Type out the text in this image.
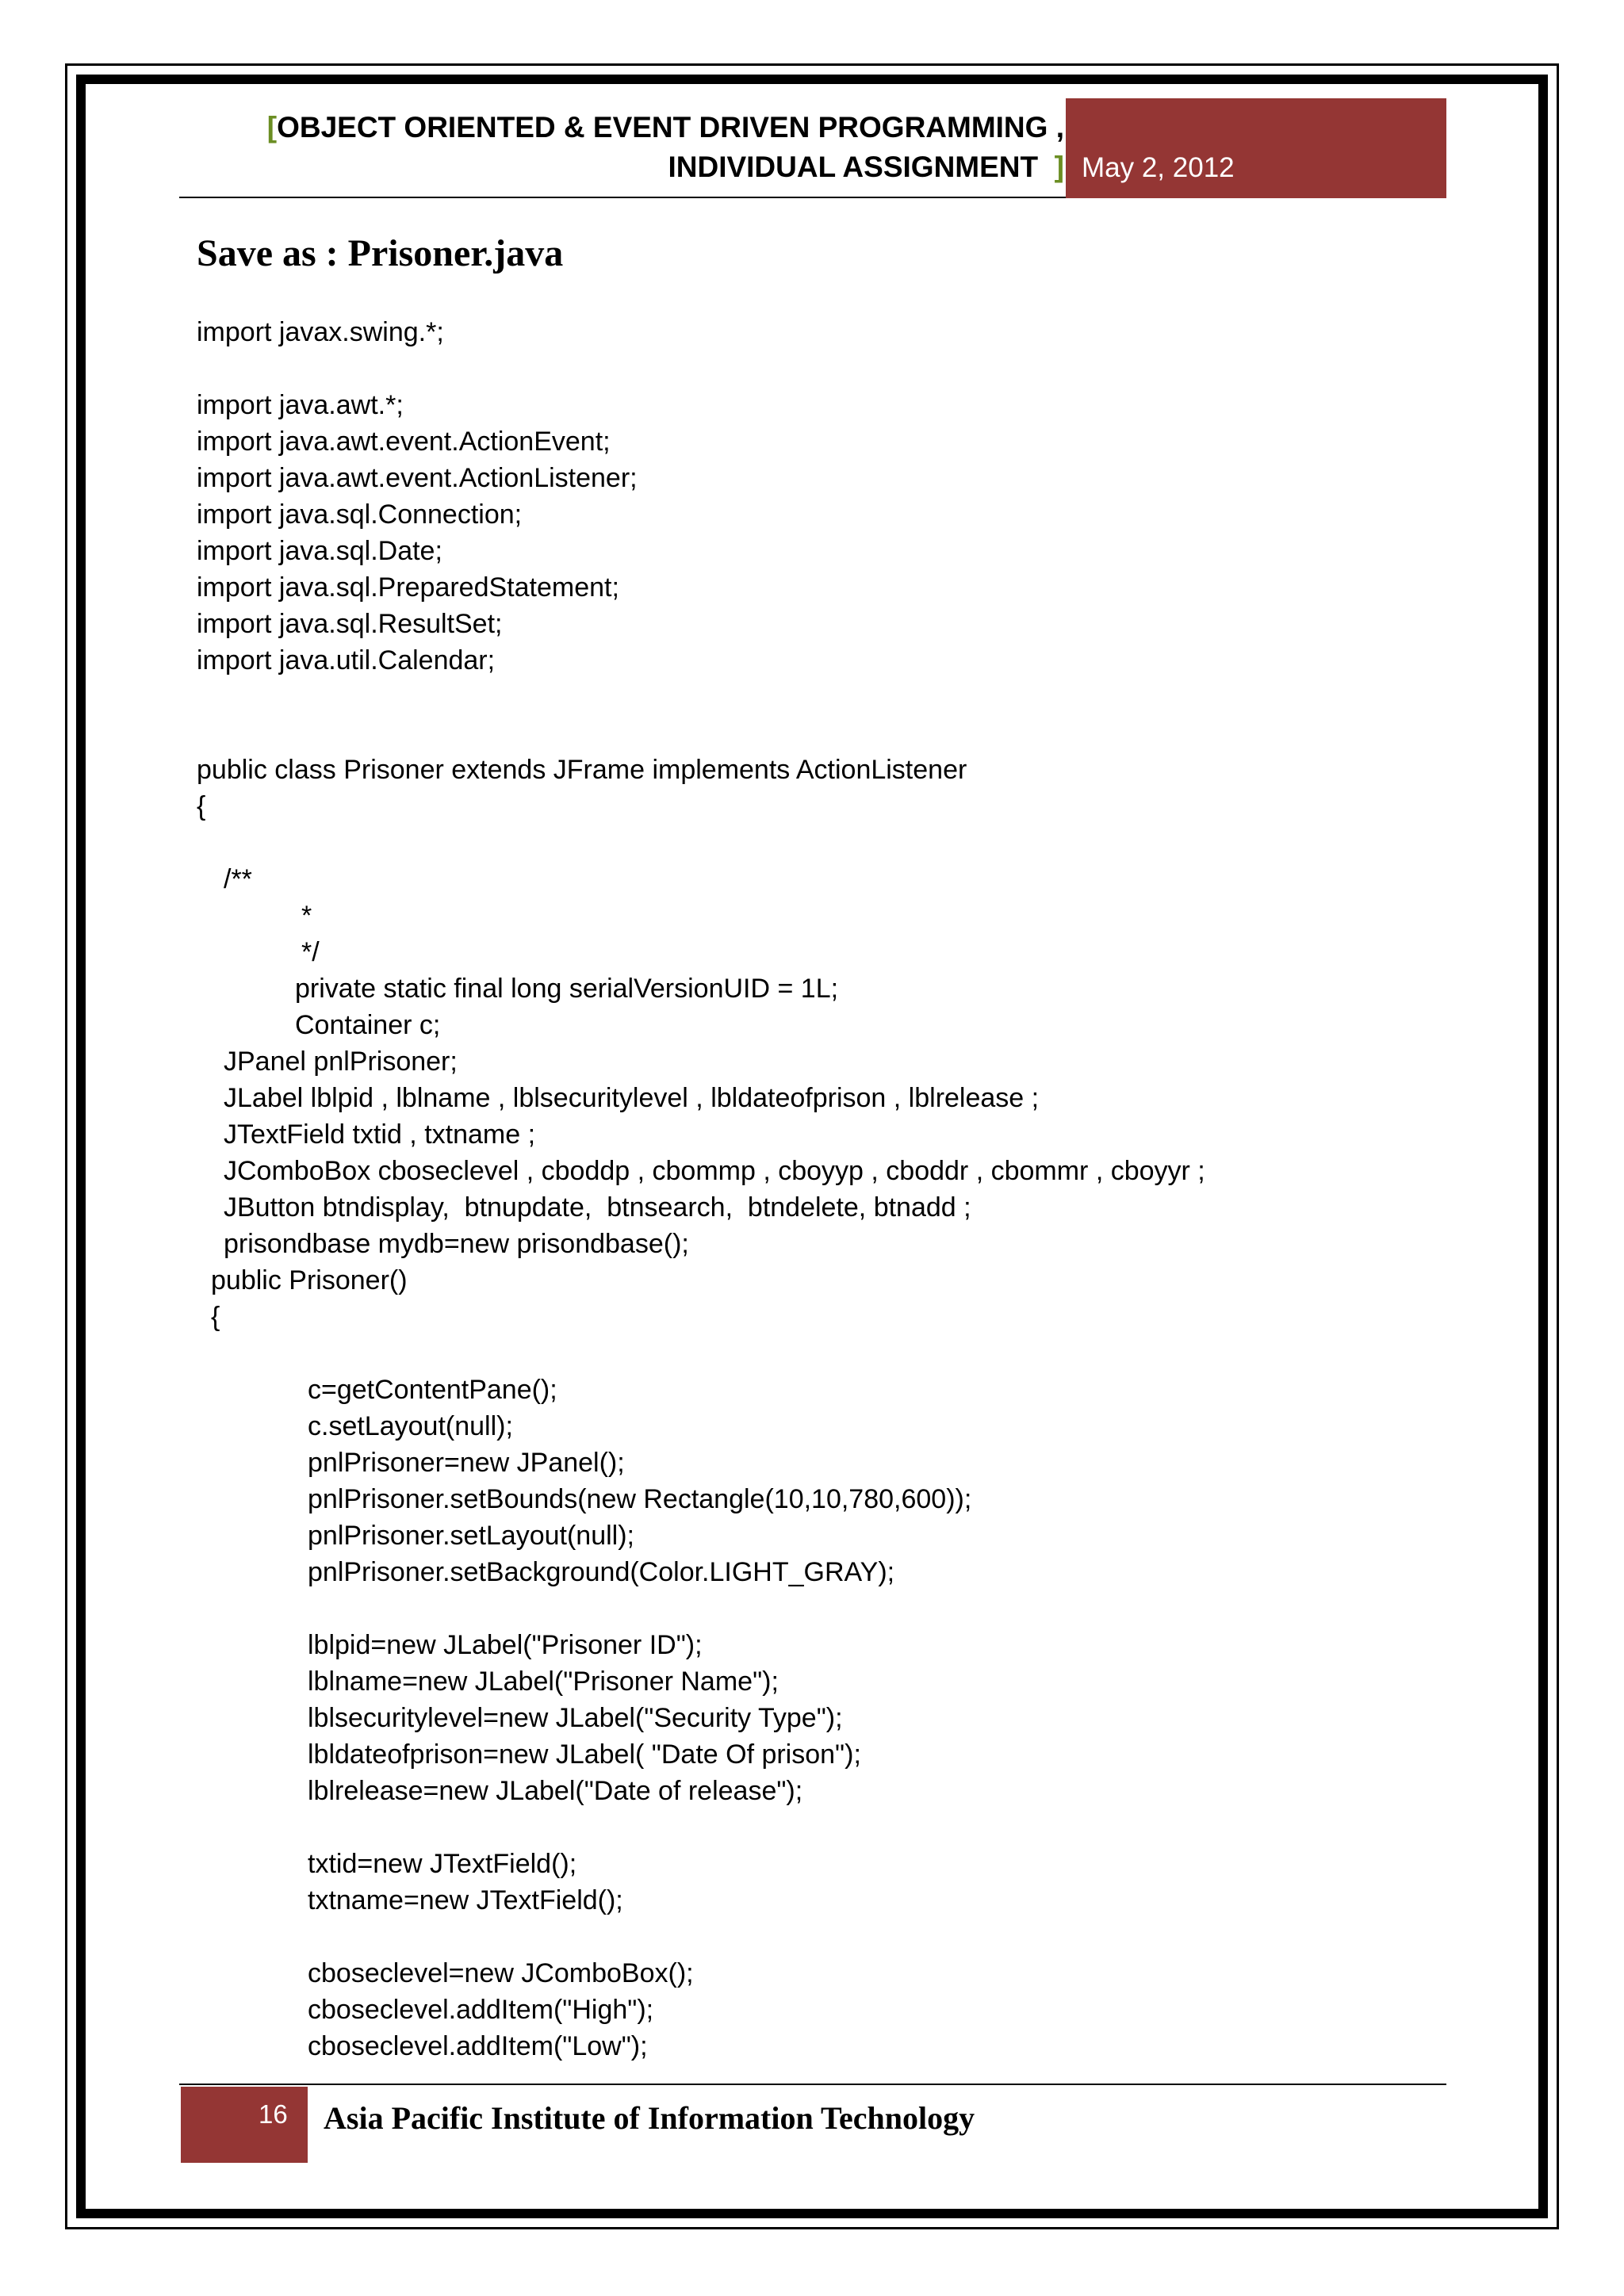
[OBJECT ORIENTED & EVENT DRIVEN PROGRAMMING ,
INDIVIDUAL ASSIGNMENT ] May 2, 2012
Save as : Prisoner.java
import javax.swing.*;
import java.awt.*;
import java.awt.event.ActionEvent;
import java.awt.event.ActionListener;
import java.sql.Connection;
import java.sql.Date;
import java.sql.PreparedStatement;
import java.sql.ResultSet;
import java.util.Calendar;
public class Prisoner extends JFrame implements ActionListener
{
/**
*
*/
private static final long serialVersionUID = 1L;
Container c;
JPanel pnlPrisoner;
JLabel lblpid , lblname , lblsecuritylevel , lbldateofprison , lblrelease ;
JTextField txtid , txtname ;
JComboBox cboseclevel , cboddp , cbommp , cboyyp , cboddr , cbommr , cboyyr ;
JButton btndisplay,  btnupdate,  btnsearch,  btndelete, btnadd ;
prisondbase mydb=new prisondbase();
public Prisoner()
{
c=getContentPane();
c.setLayout(null);
pnlPrisoner=new JPanel();
pnlPrisoner.setBounds(new Rectangle(10,10,780,600));
pnlPrisoner.setLayout(null);
pnlPrisoner.setBackground(Color.LIGHT_GRAY);
lblpid=new JLabel("Prisoner ID");
lblname=new JLabel("Prisoner Name");
lblsecuritylevel=new JLabel("Security Type");
lbldateofprison=new JLabel( "Date Of prison");
lblrelease=new JLabel("Date of release");
txtid=new JTextField();
txtname=new JTextField();
cboseclevel=new JComboBox();
cboseclevel.addItem("High");
cboseclevel.addItem("Low");
16 Asia Pacific Institute of Information Technology
